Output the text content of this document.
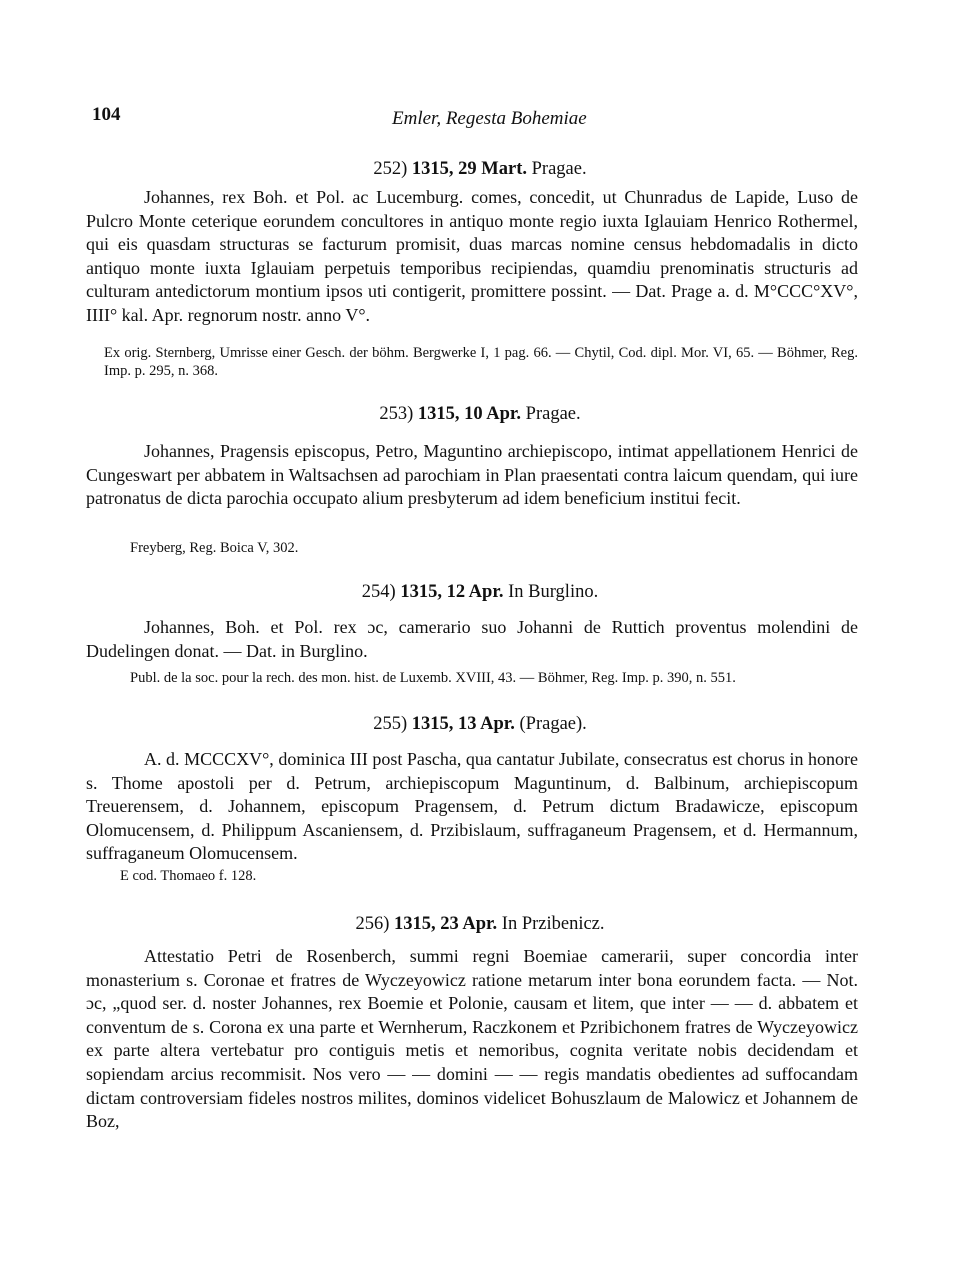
104	Emler, Regesta Bohemiae
252) 1315, 29 Mart. Pragae.

Johannes, rex Boh. et Pol. ac Lucemburg. comes, concedit, ut Chunradus de Lapide, Luso de Pulcro Monte ceterique eorundem concultores in antiquo monte regio iuxta Iglauiam Henrico Rothermel, qui eis quasdam structuras se facturum promisit, duas marcas nomine census hebdomadalis in dicto antiquo monte iuxta Iglauiam perpetuis temporibus recipiendas, quamdiu prenominatis structuris ad culturam antedictorum montium ipsos uti contigerit, promittere possint. — Dat. Prage a. d. M°CCC°XV°, IIII° kal. Apr. regnorum nostr. anno V°.

Ex orig. Sternberg, Umrisse einer Gesch. der böhm. Bergwerke I, 1 pag. 66. — Chytil, Cod. dipl. Mor. VI, 65. — Böhmer, Reg. Imp. p. 295, n. 368.

253) 1315, 10 Apr. Pragae.

Johannes, Pragensis episcopus, Petro, Maguntino archiepiscopo, intimat appellationem Henrici de Cungeswart per abbatem in Waltsachsen ad parochiam in Plan praesentati contra laicum quendam, qui iure patronatus de dicta parochia occupato alium presbyterum ad idem beneficium institui fecit.

Freyberg, Reg. Boica V, 302.

254) 1315, 12 Apr. In Burglino.

Johannes, Boh. et Pol. rex ɔc, camerario suo Johanni de Ruttich proventus molendini de Dudelingen donat. — Dat. in Burglino.

Publ. de la soc. pour la rech. des mon. hist. de Luxemb. XVIII, 43. — Böhmer, Reg. Imp. p. 390, n. 551.

255) 1315, 13 Apr. (Pragae).

A. d. MCCCXV°, dominica III post Pascha, qua cantatur Jubilate, consecratus est chorus in honore s. Thome apostoli per d. Petrum, archiepiscopum Maguntinum, d. Balbinum, archiepiscopum Treuerensem, d. Johannem, episcopum Pragensem, d. Petrum dictum Bradawicze, episcopum Olomucensem, d. Philippum Ascaniensem, d. Przibislaum, suffraganeum Pragensem, et d. Hermannum, suffraganeum Olomucensem.

E cod. Thomaeo f. 128.

256) 1315, 23 Apr. In Przibenicz.

Attestatio Petri de Rosenberch, summi regni Boemiae camerarii, super concordia inter monasterium s. Coronae et fratres de Wyczeyowicz ratione metarum inter bona eorundem facta. — Not. ɔc, „quod ser. d. noster Johannes, rex Boemie et Polonie, causam et litem, que inter — — d. abbatem et conventum de s. Corona ex una parte et Wernherum, Raczkonem et Pzribichonem fratres de Wyczeyowicz ex parte altera vertebatur pro contiguis metis et nemoribus, cognita veritate nobis decidendam et sopiendam arcius recommisit. Nos vero — — domini — — regis mandatis obedientes ad suffocandam dictam controversiam fideles nostros milites, dominos videlicet Bohuszlaum de Malowicz et Johannem de Boz,
